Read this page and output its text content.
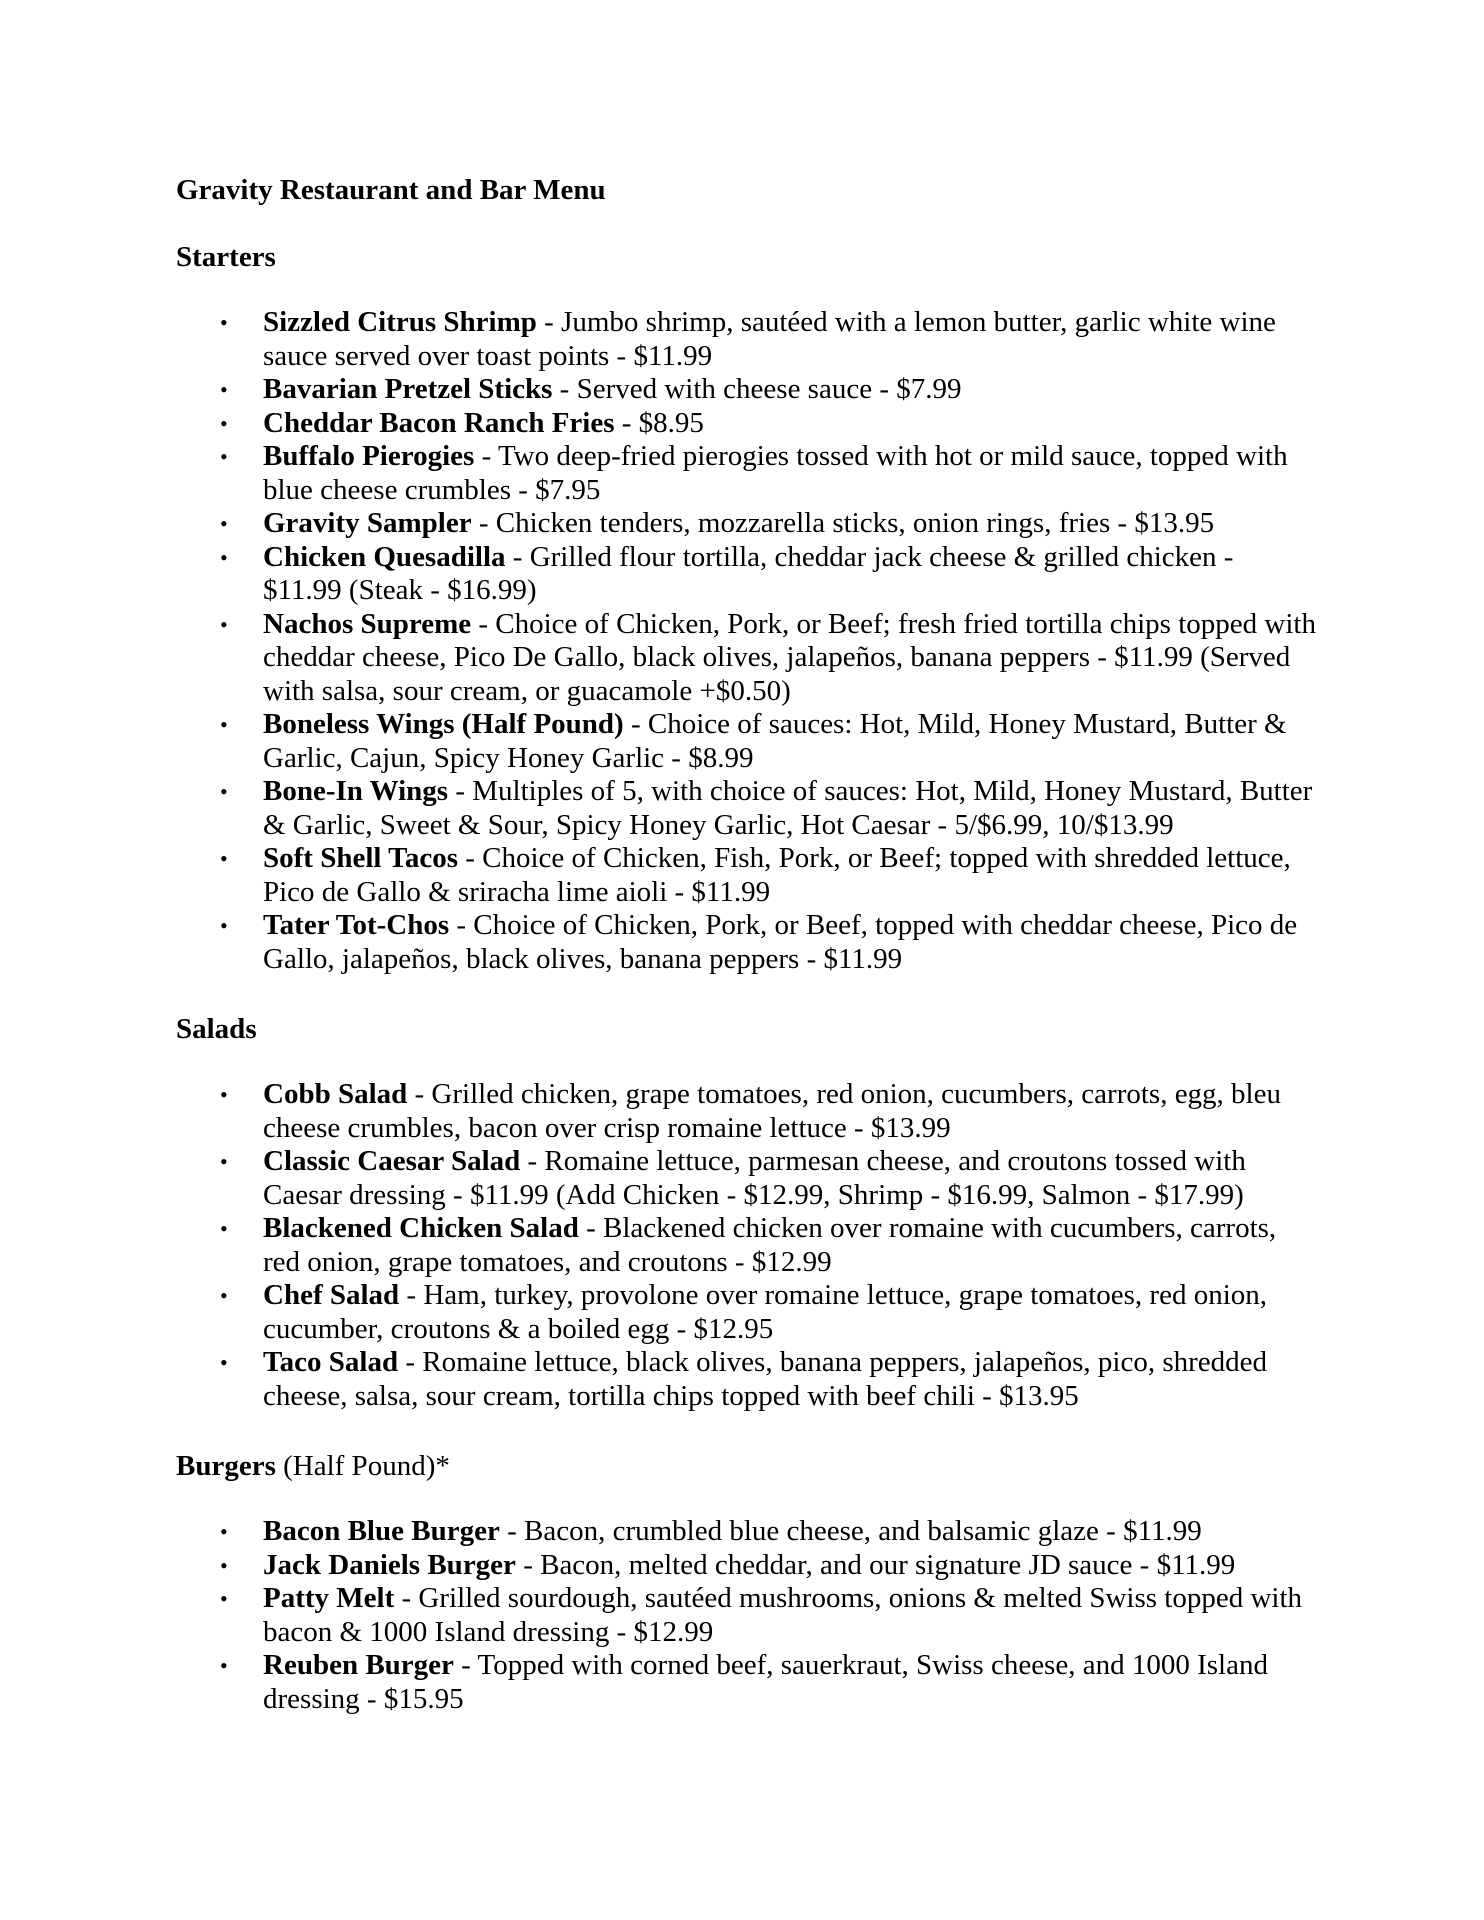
Gravity Restaurant and Bar Menu
Starters
• Sizzled Citrus Shrimp - Jumbo shrimp, sautéed with a lemon butter, garlic white wine sauce served over toast points - $11.99
• Bavarian Pretzel Sticks - Served with cheese sauce - $7.99
• Cheddar Bacon Ranch Fries - $8.95
• Buffalo Pierogies - Two deep-fried pierogies tossed with hot or mild sauce, topped with blue cheese crumbles - $7.95
• Gravity Sampler - Chicken tenders, mozzarella sticks, onion rings, fries - $13.95
• Chicken Quesadilla - Grilled flour tortilla, cheddar jack cheese & grilled chicken - $11.99 (Steak - $16.99)
• Nachos Supreme - Choice of Chicken, Pork, or Beef; fresh fried tortilla chips topped with cheddar cheese, Pico De Gallo, black olives, jalapeños, banana peppers - $11.99 (Served with salsa, sour cream, or guacamole +$0.50)
• Boneless Wings (Half Pound) - Choice of sauces: Hot, Mild, Honey Mustard, Butter & Garlic, Cajun, Spicy Honey Garlic - $8.99
• Bone-In Wings - Multiples of 5, with choice of sauces: Hot, Mild, Honey Mustard, Butter & Garlic, Sweet & Sour, Spicy Honey Garlic, Hot Caesar - 5/$6.99, 10/$13.99
• Soft Shell Tacos - Choice of Chicken, Fish, Pork, or Beef; topped with shredded lettuce, Pico de Gallo & sriracha lime aioli - $11.99
• Tater Tot-Chos - Choice of Chicken, Pork, or Beef, topped with cheddar cheese, Pico de Gallo, jalapeños, black olives, banana peppers - $11.99
Salads
• Cobb Salad - Grilled chicken, grape tomatoes, red onion, cucumbers, carrots, egg, bleu cheese crumbles, bacon over crisp romaine lettuce - $13.99
• Classic Caesar Salad - Romaine lettuce, parmesan cheese, and croutons tossed with Caesar dressing - $11.99 (Add Chicken - $12.99, Shrimp - $16.99, Salmon - $17.99)
• Blackened Chicken Salad - Blackened chicken over romaine with cucumbers, carrots, red onion, grape tomatoes, and croutons - $12.99
• Chef Salad - Ham, turkey, provolone over romaine lettuce, grape tomatoes, red onion, cucumber, croutons & a boiled egg - $12.95
• Taco Salad - Romaine lettuce, black olives, banana peppers, jalapeños, pico, shredded cheese, salsa, sour cream, tortilla chips topped with beef chili - $13.95
Burgers (Half Pound)*
• Bacon Blue Burger - Bacon, crumbled blue cheese, and balsamic glaze - $11.99
• Jack Daniels Burger - Bacon, melted cheddar, and our signature JD sauce - $11.99
• Patty Melt - Grilled sourdough, sautéed mushrooms, onions & melted Swiss topped with bacon & 1000 Island dressing - $12.99
• Reuben Burger - Topped with corned beef, sauerkraut, Swiss cheese, and 1000 Island dressing - $15.95
